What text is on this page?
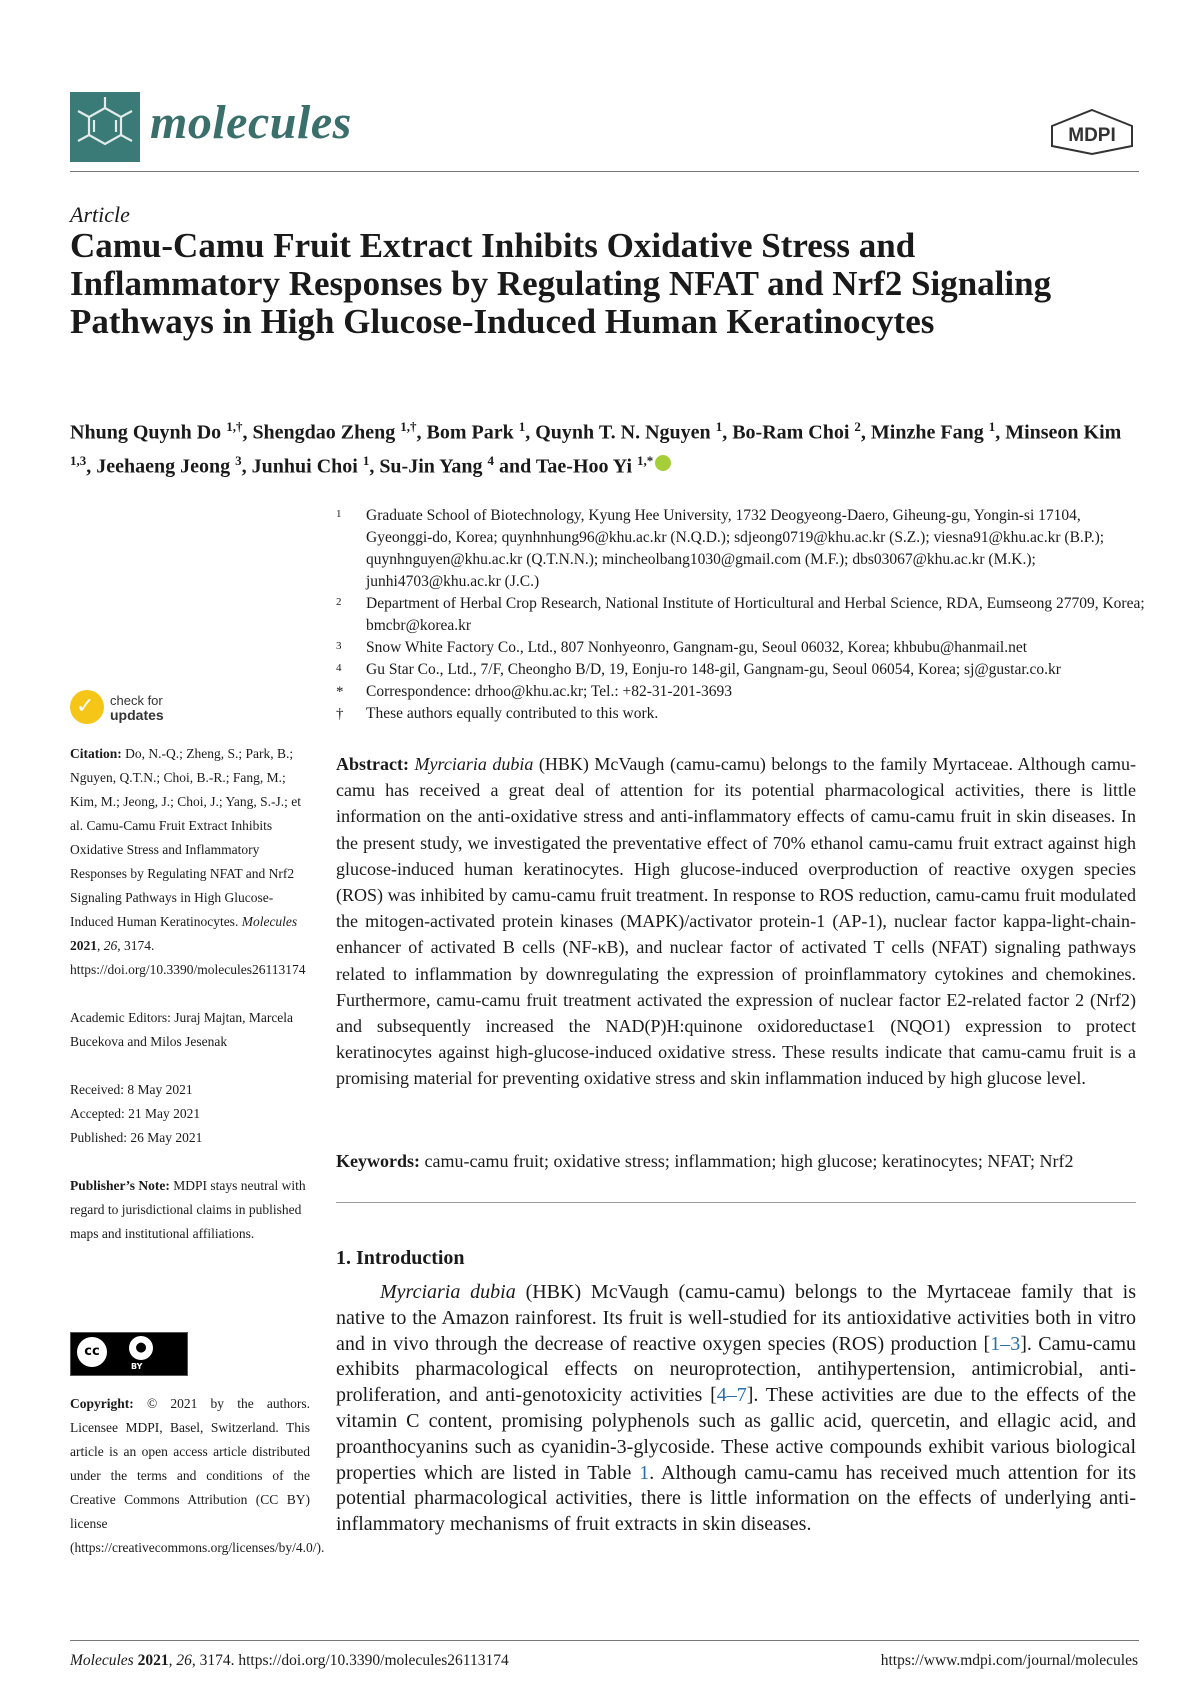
molecules	MDPI
Article
Camu-Camu Fruit Extract Inhibits Oxidative Stress and Inflammatory Responses by Regulating NFAT and Nrf2 Signaling Pathways in High Glucose-Induced Human Keratinocytes
Nhung Quynh Do $^{1,\dagger}$, Shengdao Zheng $^{1,\dagger}$, Bom Park $^1$, Quynh T. N. Nguyen $^1$, Bo-Ram Choi $^2$, Minzhe Fang $^1$, Minseon Kim $^{1,3}$, Jeehaeng Jeong $^3$, Junhui Choi $^1$, Su-Jin Yang $^4$ and Tae-Hoo Yi $^{1,*}$
1 Graduate School of Biotechnology, Kyung Hee University, 1732 Deogyeong-Daero, Giheung-gu, Yongin-si 17104, Gyeonggi-do, Korea; quynhnhung96@khu.ac.kr (N.Q.D.); sdjeong0719@khu.ac.kr (S.Z.); viesna91@khu.ac.kr (B.P.); quynhnguyen@khu.ac.kr (Q.T.N.N.); mincheolbang1030@gmail.com (M.F.); dbs03067@khu.ac.kr (M.K.); junhi4703@khu.ac.kr (J.C.)
2 Department of Herbal Crop Research, National Institute of Horticultural and Herbal Science, RDA, Eumseong 27709, Korea; bmcbr@korea.kr
3 Snow White Factory Co., Ltd., 807 Nonhyeonro, Gangnam-gu, Seoul 06032, Korea; khbubu@hanmail.net
4 Gu Star Co., Ltd., 7/F, Cheongho B/D, 19, Eonju-ro 148-gil, Gangnam-gu, Seoul 06054, Korea; sj@gustar.co.kr
* Correspondence: drhoo@khu.ac.kr; Tel.: +82-31-201-3693
† These authors equally contributed to this work.
✓ check for
updates
Citation: Do, N.-Q.; Zheng, S.; Park, B.; Nguyen, Q.T.N.; Choi, B.-R.; Fang, M.; Kim, M.; Jeong, J.; Choi, J.; Yang, S.-J.; et al. Camu-Camu Fruit Extract Inhibits Oxidative Stress and Inflammatory Responses by Regulating NFAT and Nrf2 Signaling Pathways in High Glucose-Induced Human Keratinocytes. Molecules 2021, 26, 3174. https://doi.org/10.3390/molecules26113174
Academic Editors: Juraj Majtan, Marcela Bucekova and Milos Jesenak
Received: 8 May 2021
Accepted: 21 May 2021
Published: 26 May 2021
Publisher’s Note: MDPI stays neutral with regard to jurisdictional claims in published maps and institutional affiliations.
cc	●
BY
Copyright: © 2021 by the authors. Licensee MDPI, Basel, Switzerland. This article is an open access article distributed under the terms and conditions of the Creative Commons Attribution (CC BY) license (https://creativecommons.org/licenses/by/4.0/).
Abstract: Myrciaria dubia (HBK) McVaugh (camu-camu) belongs to the family Myrtaceae. Although camu-camu has received a great deal of attention for its potential pharmacological activities, there is little information on the anti-oxidative stress and anti-inflammatory effects of camu-camu fruit in skin diseases. In the present study, we investigated the preventative effect of 70% ethanol camu-camu fruit extract against high glucose-induced human keratinocytes. High glucose-induced overproduction of reactive oxygen species (ROS) was inhibited by camu-camu fruit treatment. In response to ROS reduction, camu-camu fruit modulated the mitogen-activated protein kinases (MAPK)/activator protein-1 (AP-1), nuclear factor kappa-light-chain-enhancer of activated B cells (NF-κB), and nuclear factor of activated T cells (NFAT) signaling pathways related to inflammation by downregulating the expression of proinflammatory cytokines and chemokines. Furthermore, camu-camu fruit treatment activated the expression of nuclear factor E2-related factor 2 (Nrf2) and subsequently increased the NAD(P)H:quinone oxidoreductase1 (NQO1) expression to protect keratinocytes against high-glucose-induced oxidative stress. These results indicate that camu-camu fruit is a promising material for preventing oxidative stress and skin inflammation induced by high glucose level.
Keywords: camu-camu fruit; oxidative stress; inflammation; high glucose; keratinocytes; NFAT; Nrf2
1. Introduction
Myrciaria dubia (HBK) McVaugh (camu-camu) belongs to the Myrtaceae family that is native to the Amazon rainforest. Its fruit is well-studied for its antioxidative activities both in vitro and in vivo through the decrease of reactive oxygen species (ROS) production [1–3]. Camu-camu exhibits pharmacological effects on neuroprotection, antihypertension, antimicrobial, anti-proliferation, and anti-genotoxicity activities [4–7]. These activities are due to the effects of the vitamin C content, promising polyphenols such as gallic acid, quercetin, and ellagic acid, and proanthocyanins such as cyanidin-3-glycoside. These active compounds exhibit various biological properties which are listed in Table 1. Although camu-camu has received much attention for its potential pharmacological activities, there is little information on the effects of underlying anti-inflammatory mechanisms of fruit extracts in skin diseases.
Molecules 2021, 26, 3174. https://doi.org/10.3390/molecules26113174	https://www.mdpi.com/journal/molecules
